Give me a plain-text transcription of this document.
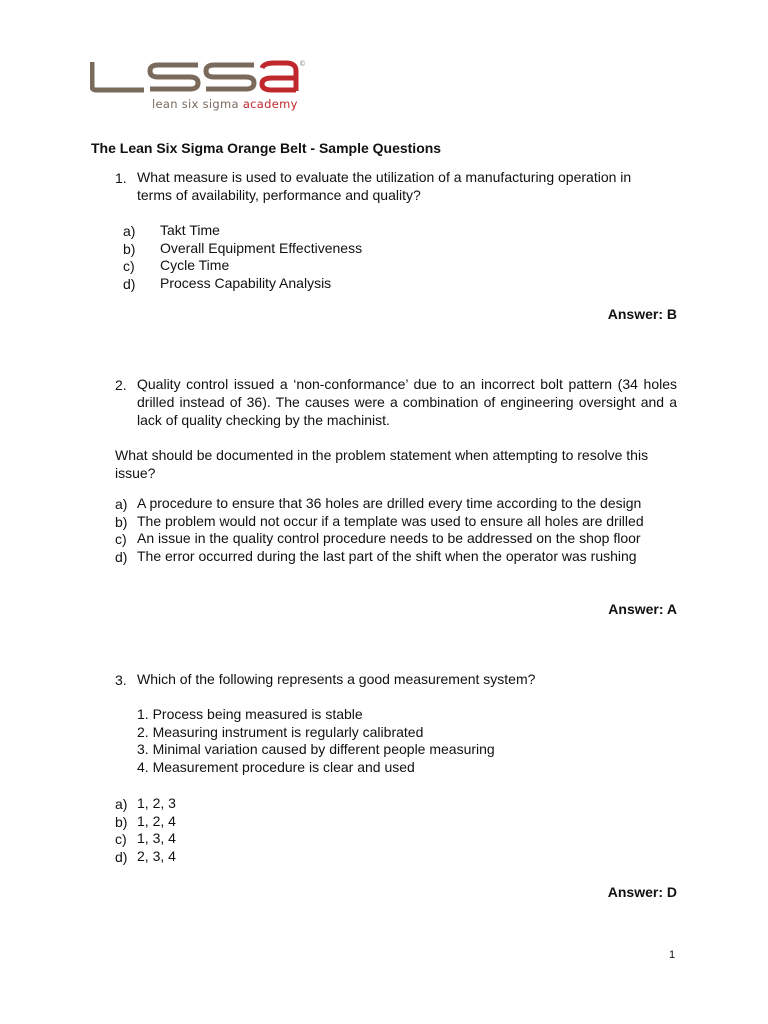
©
lean six sigma academy
The Lean Six Sigma Orange Belt - Sample Questions
1. What measure is used to evaluate the utilization of a manufacturing operation in
terms of availability, performance and quality?
a) Takt Time
b) Overall Equipment Effectiveness
c) Cycle Time
d) Process Capability Analysis
Answer: B
2. Quality control issued a ‘non-conformance’ due to an incorrect bolt pattern (34 holes
drilled instead of 36). The causes were a combination of engineering oversight and a
lack of quality checking by the machinist.
What should be documented in the problem statement when attempting to resolve this
issue?
a) A procedure to ensure that 36 holes are drilled every time according to the design
b) The problem would not occur if a template was used to ensure all holes are drilled
c) An issue in the quality control procedure needs to be addressed on the shop floor
d) The error occurred during the last part of the shift when the operator was rushing
Answer: A
3. Which of the following represents a good measurement system?
1. Process being measured is stable
2. Measuring instrument is regularly calibrated
3. Minimal variation caused by different people measuring
4. Measurement procedure is clear and used
a) 1, 2, 3
b) 1, 2, 4
c) 1, 3, 4
d) 2, 3, 4
Answer: D
1
